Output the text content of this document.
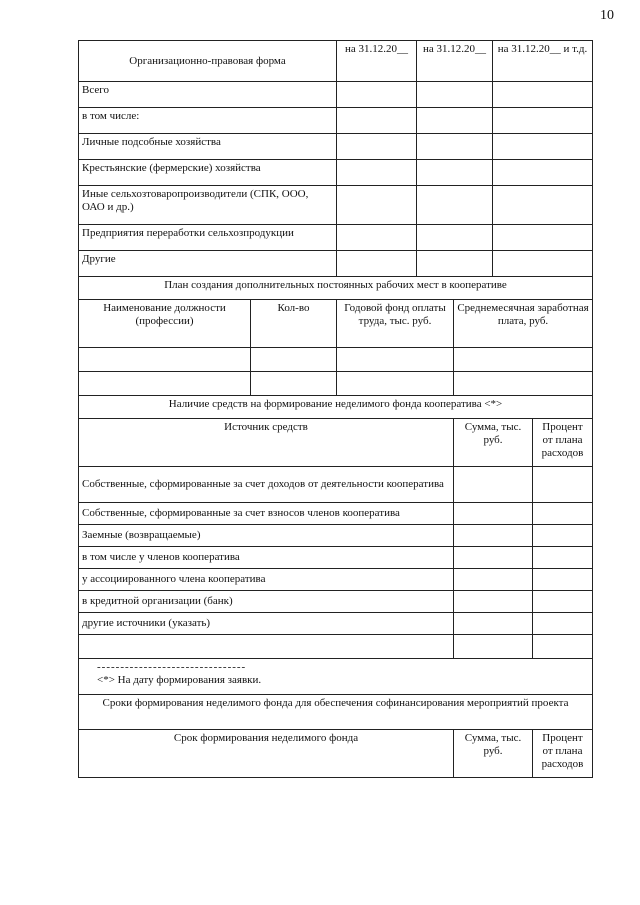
10
Организационно-правовая форма	на 31.12.20__	на 31.12.20__	на 31.12.20__ и т.д.
Всего			
в том числе:			
Личные подсобные хозяйства			
Крестьянские (фермерские) хозяйства			
Иные сельхозтоваропроизводители (СПК, ООО, ОАО и др.)			
Предприятия переработки сельхозпродукции			
Другие			
План создания дополнительных постоянных рабочих мест в кооперативе			
Наименование должности (профессии)	Кол-во	Годовой фонд оплаты труда, тыс. руб.	Среднемесячная заработная плата, руб.

Наличие средств на формирование неделимого фонда кооператива <*>		
Источник средств	Сумма, тыс. руб.	Процент от плана расходов
Собственные, сформированные за счет доходов от деятельности кооператива		
Собственные, сформированные за счет взносов членов кооператива		
Заемные (возвращаемые)		
в том числе у членов кооператива		
у ассоциированного члена кооператива		
в кредитной организации (банк)		
другие источники (указать)		

--------------------------------
<*> На дату формирования заявки.		
Сроки формирования неделимого фонда для обеспечения софинансирования мероприятий проекта
Срок формирования неделимого фонда	Сумма, тыс. руб.	Процент от плана расходов
